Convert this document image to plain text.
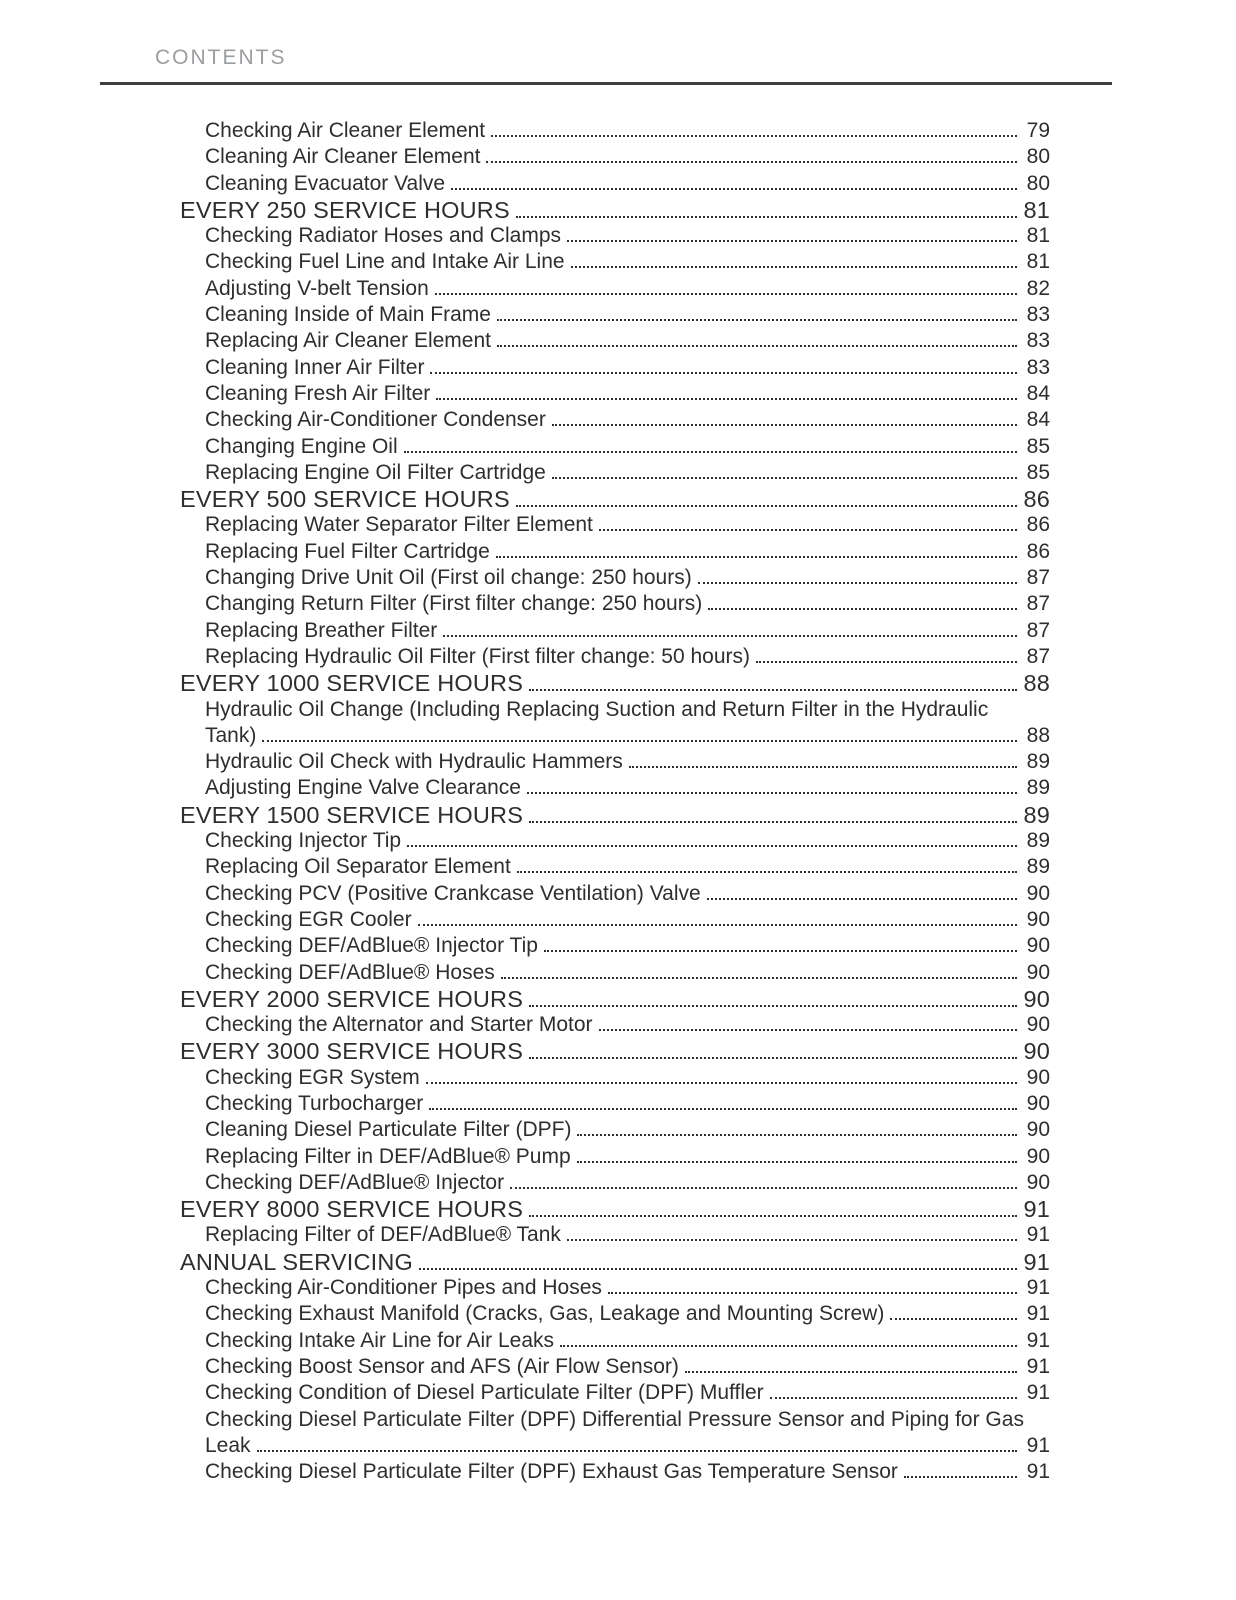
CONTENTS
Checking Air Cleaner Element	79
Cleaning Air Cleaner Element	80
Cleaning Evacuator Valve	80
EVERY 250 SERVICE HOURS	81
Checking Radiator Hoses and Clamps	81
Checking Fuel Line and Intake Air Line	81
Adjusting V-belt Tension	82
Cleaning Inside of Main Frame	83
Replacing Air Cleaner Element	83
Cleaning Inner Air Filter	83
Cleaning Fresh Air Filter	84
Checking Air-Conditioner Condenser	84
Changing Engine Oil	85
Replacing Engine Oil Filter Cartridge	85
EVERY 500 SERVICE HOURS	86
Replacing Water Separator Filter Element	86
Replacing Fuel Filter Cartridge	86
Changing Drive Unit Oil (First oil change: 250 hours)	87
Changing Return Filter (First filter change: 250 hours)	87
Replacing Breather Filter	87
Replacing Hydraulic Oil Filter (First filter change: 50 hours)	87
EVERY 1000 SERVICE HOURS	88
Hydraulic Oil Change (Including Replacing Suction and Return Filter in the Hydraulic
Tank)	88
Hydraulic Oil Check with Hydraulic Hammers	89
Adjusting Engine Valve Clearance	89
EVERY 1500 SERVICE HOURS	89
Checking Injector Tip	89
Replacing Oil Separator Element	89
Checking PCV (Positive Crankcase Ventilation) Valve	90
Checking EGR Cooler	90
Checking DEF/AdBlue® Injector Tip	90
Checking DEF/AdBlue® Hoses	90
EVERY 2000 SERVICE HOURS	90
Checking the Alternator and Starter Motor	90
EVERY 3000 SERVICE HOURS	90
Checking EGR System	90
Checking Turbocharger	90
Cleaning Diesel Particulate Filter (DPF)	90
Replacing Filter in DEF/AdBlue® Pump	90
Checking DEF/AdBlue® Injector	90
EVERY 8000 SERVICE HOURS	91
Replacing Filter of DEF/AdBlue® Tank	91
ANNUAL SERVICING	91
Checking Air-Conditioner Pipes and Hoses	91
Checking Exhaust Manifold (Cracks, Gas, Leakage and Mounting Screw)	91
Checking Intake Air Line for Air Leaks	91
Checking Boost Sensor and AFS (Air Flow Sensor)	91
Checking Condition of Diesel Particulate Filter (DPF) Muffler	91
Checking Diesel Particulate Filter (DPF) Differential Pressure Sensor and Piping for Gas
Leak	91
Checking Diesel Particulate Filter (DPF) Exhaust Gas Temperature Sensor	91
